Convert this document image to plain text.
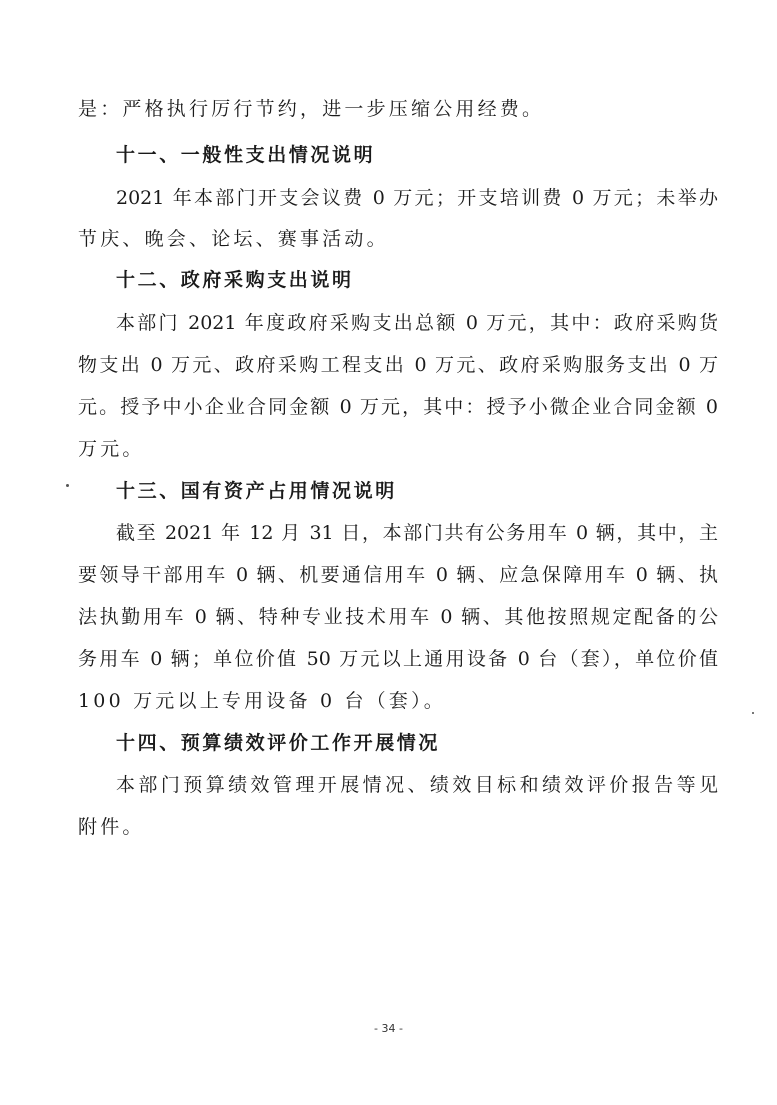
是：严格执行厉行节约，进一步压缩公用经费。
十一、一般性支出情况说明
2021 年本部门开支会议费 0 万元；开支培训费 0 万元；未举办
节庆、晚会、论坛、赛事活动。
十二、政府采购支出说明
本部门 2021 年度政府采购支出总额 0 万元，其中：政府采购货
物支出 0 万元、政府采购工程支出 0 万元、政府采购服务支出 0 万
元。授予中小企业合同金额 0 万元，其中：授予小微企业合同金额 0
万元。
十三、国有资产占用情况说明
截至 2021 年 12 月 31 日，本部门共有公务用车 0 辆，其中，主
要领导干部用车 0 辆、机要通信用车 0 辆、应急保障用车 0 辆、执
法执勤用车 0 辆、特种专业技术用车 0 辆、其他按照规定配备的公
务用车 0 辆；单位价值 50 万元以上通用设备 0 台（套），单位价值
100 万元以上专用设备 0 台（套）。
十四、预算绩效评价工作开展情况
本部门预算绩效管理开展情况、绩效目标和绩效评价报告等见
附件。
- 34 -
